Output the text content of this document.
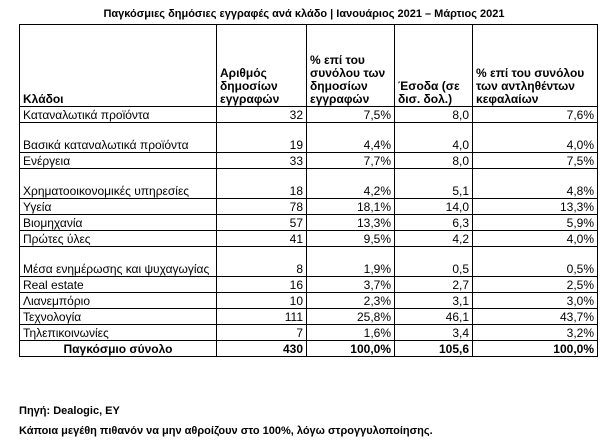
Παγκόσμιες δημόσιες εγγραφές ανά κλάδο | Ιανουάριος 2021 – Μάρτιος 2021
Κλάδοι	Αριθμός δημοσίων εγγραφών	% επί του συνόλου των δημοσίων εγγραφών	Έσοδα (σε δισ. δολ.)	% επί του συνόλου των αντληθέντων κεφαλαίων
Καταναλωτικά προϊόντα	32	7,5%	8,0	7,6%
Βασικά καταναλωτικά προϊόντα	19	4,4%	4,0	4,0%
Ενέργεια	33	7,7%	8,0	7,5%
Χρηματοοικονομικές υπηρεσίες	18	4,2%	5,1	4,8%
Υγεία	78	18,1%	14,0	13,3%
Βιομηχανία	57	13,3%	6,3	5,9%
Πρώτες ύλες	41	9,5%	4,2	4,0%
Μέσα ενημέρωσης και ψυχαγωγίας	8	1,9%	0,5	0,5%
Real estate	16	3,7%	2,7	2,5%
Λιανεμπόριο	10	2,3%	3,1	3,0%
Τεχνολογία	111	25,8%	46,1	43,7%
Τηλεπικοινωνίες	7	1,6%	3,4	3,2%
Παγκόσμιο σύνολο	430	100,0%	105,6	100,0%
Πηγή: Dealogic, EY
Κάποια μεγέθη πιθανόν να μην αθροίζουν στο 100%, λόγω στρογγυλοποίησης.
